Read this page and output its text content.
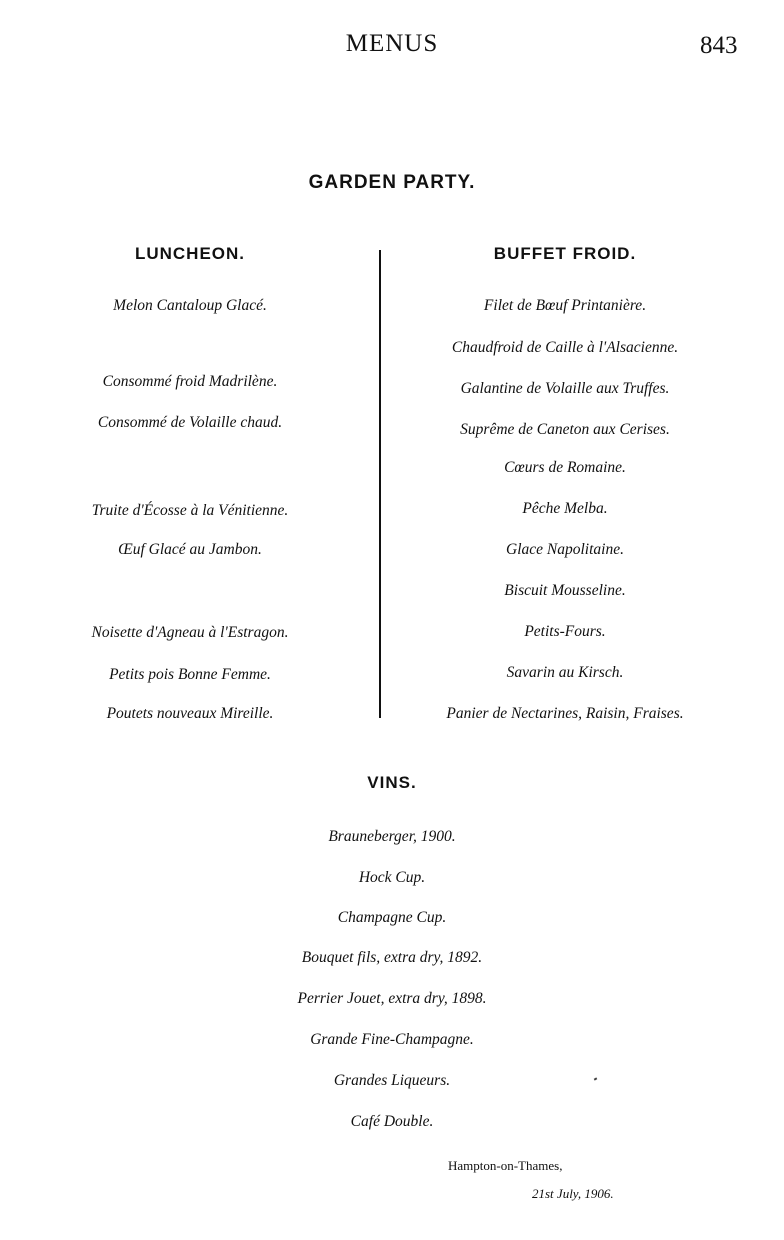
MENUS	843
GARDEN PARTY.
LUNCHEON.	BUFFET FROID.
Melon Cantaloup Glacé.
Consommé froid Madrilène.
Consommé de Volaille chaud.
Truite d'Écosse à la Vénitienne.
Œuf Glacé au Jambon.
Noisette d'Agneau à l'Estragon.
Petits pois Bonne Femme.
Poutets nouveaux Mireille.
Filet de Bœuf Printanière.
Chaudfroid de Caille à l'Alsacienne.
Galantine de Volaille aux Truffes.
Suprême de Caneton aux Cerises.
Cœurs de Romaine.
Pêche Melba.
Glace Napolitaine.
Biscuit Mousseline.
Petits-Fours.
Savarin au Kirsch.
Panier de Nectarines, Raisin, Fraises.
VINS.
Brauneberger, 1900.
Hock Cup.
Champagne Cup.
Bouquet fils, extra dry, 1892.
Perrier Jouet, extra dry, 1898.
Grande Fine-Champagne.
Grandes Liqueurs.
Café Double.
Hampton-on-Thames,
21st July, 1906.
